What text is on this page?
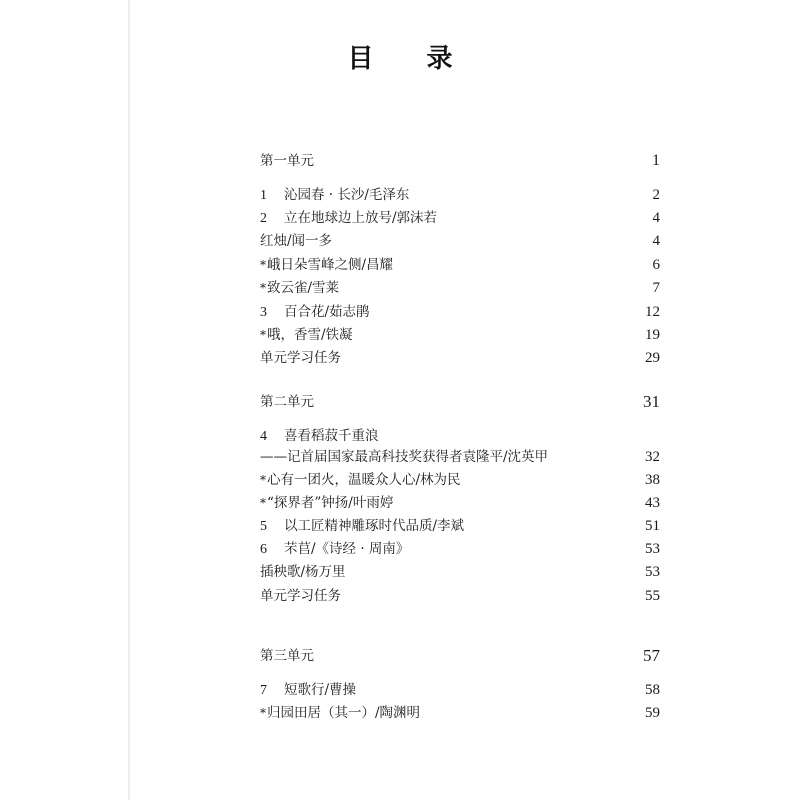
目 录
第一单元	1
1 沁园春 · 长沙/毛泽东	2
2 立在地球边上放号/郭沫若	4
红烛/闻一多	4
*峨日朵雪峰之侧/昌耀	6
*致云雀/雪莱	7
3 百合花/茹志鹃	12
*哦，香雪/铁凝	19
单元学习任务	29
第二单元	31
4 喜看稻菽千重浪
——记首届国家最高科技奖获得者袁隆平/沈英甲	32
*心有一团火，温暖众人心/林为民	38
*“探界者”钟扬/叶雨婷	43
5 以工匠精神雕琢时代品质/李斌	51
6 芣苢/《诗经 · 周南》	53
插秧歌/杨万里	53
单元学习任务	55
第三单元	57
7 短歌行/曹操	58
*归园田居（其一）/陶渊明	59
